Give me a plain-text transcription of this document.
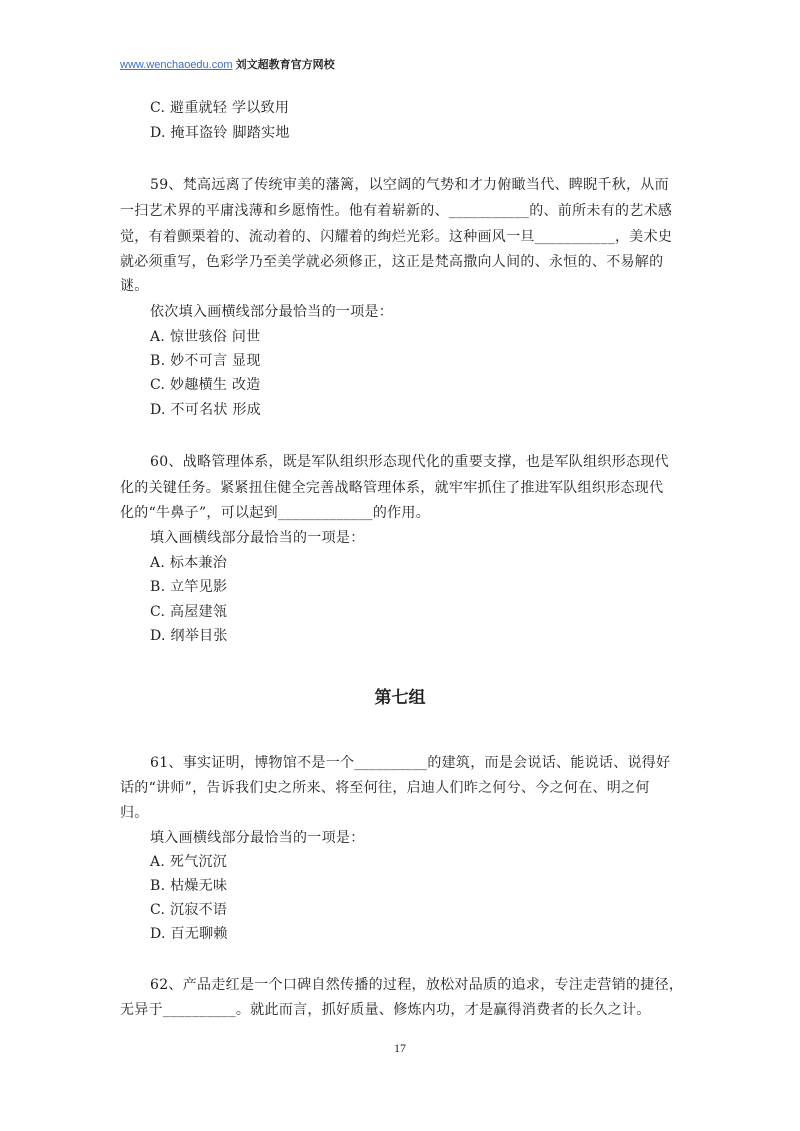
www.wenchaoedu.com 刘文超教育官方网校
C. 避重就轻 学以致用
D. 掩耳盗铃 脚踏实地
59、梵高远离了传统审美的藩篱，以空阔的气势和才力俯瞰当代、睥睨千秋，从而
一扫艺术界的平庸浅薄和乡愿惰性。他有着崭新的、___________的、前所未有的艺术感
觉，有着颤栗着的、流动着的、闪耀着的绚烂光彩。这种画风一旦___________，美术史
就必须重写，色彩学乃至美学就必须修正，这正是梵高撒向人间的、永恒的、不易解的
谜。
依次填入画横线部分最恰当的一项是：
A. 惊世骇俗 问世
B. 妙不可言 显现
C. 妙趣横生 改造
D. 不可名状 形成
60、战略管理体系，既是军队组织形态现代化的重要支撑，也是军队组织形态现代
化的关键任务。紧紧扭住健全完善战略管理体系，就牢牢抓住了推进军队组织形态现代
化的“牛鼻子”，可以起到_____________的作用。
填入画横线部分最恰当的一项是：
A. 标本兼治
B. 立竿见影
C. 高屋建瓴
D. 纲举目张
第七组
61、事实证明，博物馆不是一个__________的建筑，而是会说话、能说话、说得好
话的“讲师”，告诉我们史之所来、将至何往，启迪人们昨之何兮、今之何在、明之何
归。
填入画横线部分最恰当的一项是：
A. 死气沉沉
B. 枯燥无味
C. 沉寂不语
D. 百无聊赖
62、产品走红是一个口碑自然传播的过程，放松对品质的追求，专注走营销的捷径，
无异于__________。就此而言，抓好质量、修炼内功，才是赢得消费者的长久之计。
17
